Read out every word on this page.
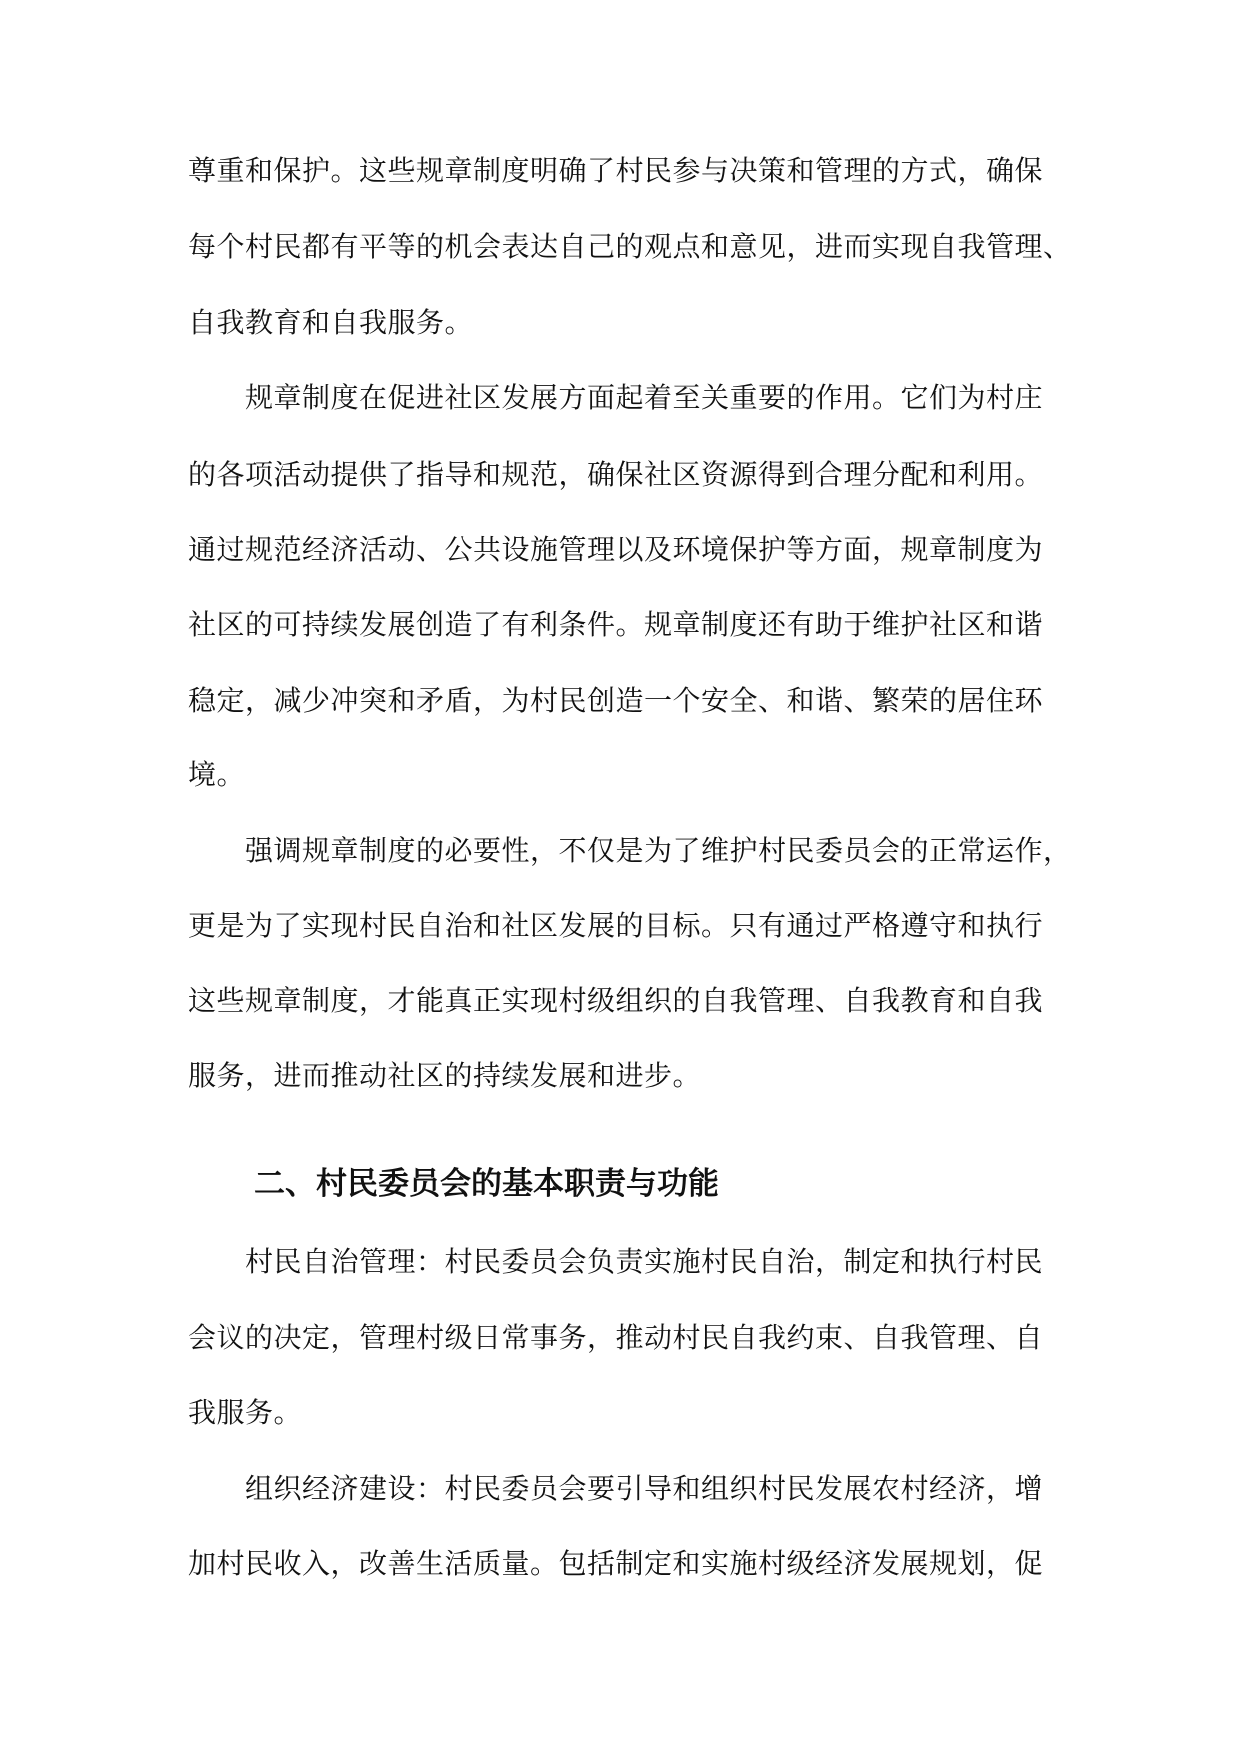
尊重和保护。这些规章制度明确了村民参与决策和管理的方式，确保
每个村民都有平等的机会表达自己的观点和意见，进而实现自我管理、
自我教育和自我服务。
规章制度在促进社区发展方面起着至关重要的作用。它们为村庄
的各项活动提供了指导和规范，确保社区资源得到合理分配和利用。
通过规范经济活动、公共设施管理以及环境保护等方面，规章制度为
社区的可持续发展创造了有利条件。规章制度还有助于维护社区和谐
稳定，减少冲突和矛盾，为村民创造一个安全、和谐、繁荣的居住环
境。
强调规章制度的必要性，不仅是为了维护村民委员会的正常运作，
更是为了实现村民自治和社区发展的目标。只有通过严格遵守和执行
这些规章制度，才能真正实现村级组织的自我管理、自我教育和自我
服务，进而推动社区的持续发展和进步。
二、村民委员会的基本职责与功能
村民自治管理：村民委员会负责实施村民自治，制定和执行村民
会议的决定，管理村级日常事务，推动村民自我约束、自我管理、自
我服务。
组织经济建设：村民委员会要引导和组织村民发展农村经济，增
加村民收入，改善生活质量。包括制定和实施村级经济发展规划，促
